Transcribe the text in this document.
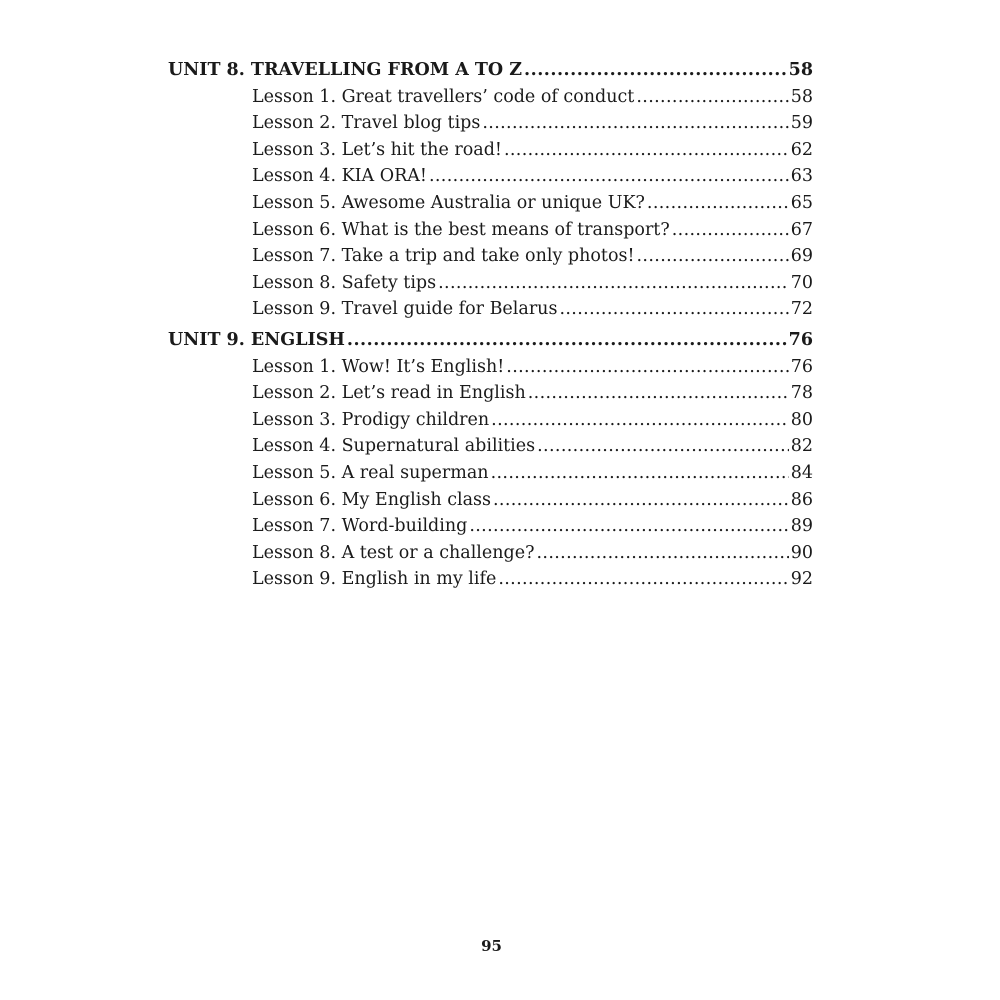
UNIT 8. TRAVELLING FROM A TO Z . . .	58
Lesson 1. Great travellers’ code of conduct . . .	58
Lesson 2. Travel blog tips . . .	59
Lesson 3. Let’s hit the road! . . .	62
Lesson 4. KIA ORA! . . .	63
Lesson 5. Awesome Australia or unique UK? . . .	65
Lesson 6. What is the best means of transport? . . .	67
Lesson 7. Take a trip and take only photos! . . .	69
Lesson 8. Safety tips . . .	70
Lesson 9. Travel guide for Belarus . . .	72
UNIT 9. ENGLISH . . .	76
Lesson 1. Wow! It’s English! . . .	76
Lesson 2. Let’s read in English . . .	78
Lesson 3. Prodigy children . . .	80
Lesson 4. Supernatural abilities . . .	82
Lesson 5. A real superman . . .	84
Lesson 6. My English class . . .	86
Lesson 7. Word-building . . .	89
Lesson 8. A test or a challenge? . . .	90
Lesson 9. English in my life . . .	92
95
